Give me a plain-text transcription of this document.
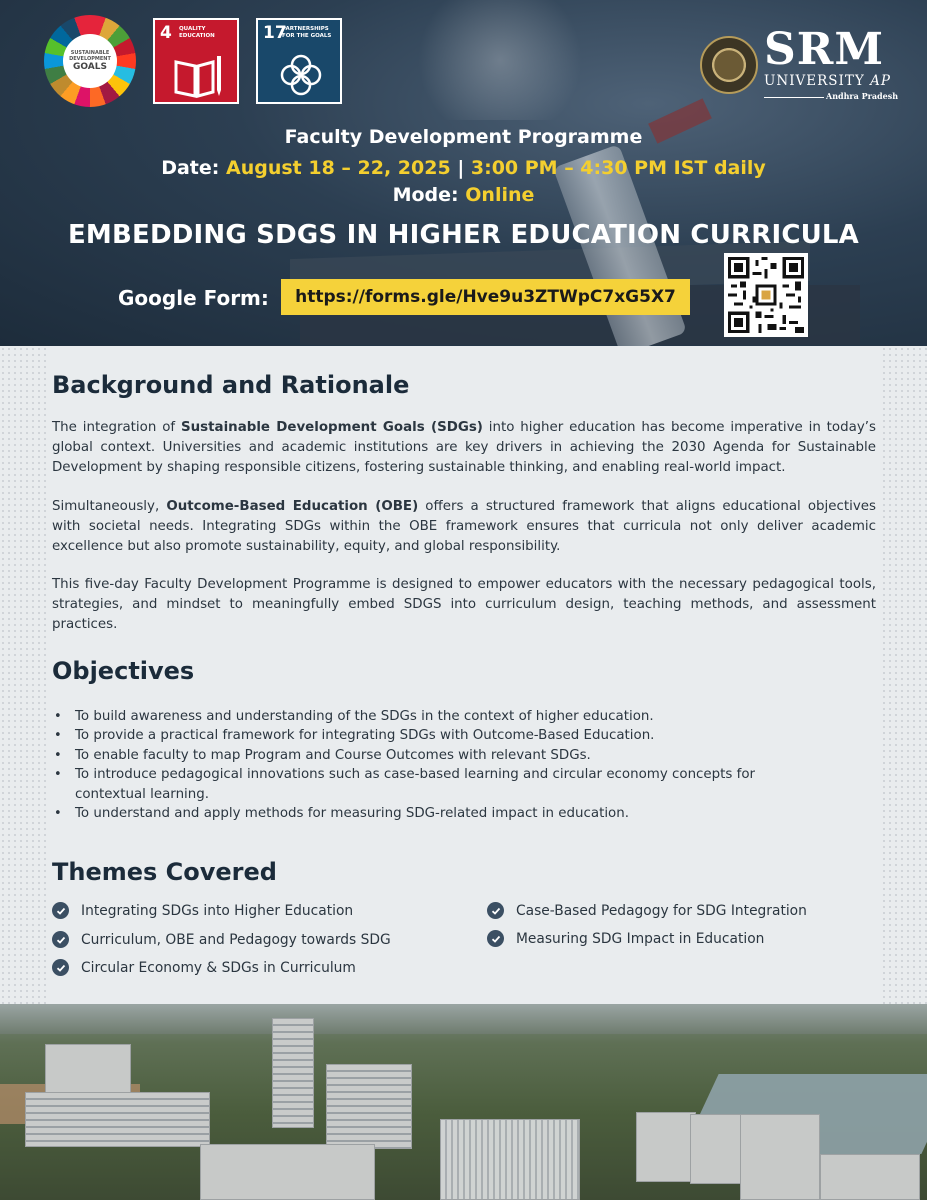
SUSTAINABLE
DEVELOPMENT
GOALS
4 QUALITY EDUCATION	17
PARTNERSHIPS FOR THE GOALS	SRM
UNIVERSITY AP
Andhra Pradesh
Faculty Development Programme
Date: August 18 – 22, 2025 | 3:00 PM – 4:30 PM IST daily
Mode: Online
EMBEDDING SDGS IN HIGHER EDUCATION CURRICULA
Google Form:	https://forms.gle/Hve9u3ZTWpC7xG5X7
Background and Rationale

The integration of Sustainable Development Goals (SDGs) into higher education has become imperative in today’s global context. Universities and academic institutions are key drivers in achieving the 2030 Agenda for Sustainable Development by shaping responsible citizens, fostering sustainable thinking, and enabling real-world impact.

Simultaneously, Outcome-Based Education (OBE) offers a structured framework that aligns educational objectives with societal needs. Integrating SDGs within the OBE framework ensures that curricula not only deliver academic excellence but also promote sustainability, equity, and global responsibility.

This five-day Faculty Development Programme is designed to empower educators with the necessary pedagogical tools, strategies, and mindset to meaningfully embed SDGS into curriculum design, teaching methods, and assessment practices.

Objectives
• To build awareness and understanding of the SDGs in the context of higher education.
• To provide a practical framework for integrating SDGs with Outcome-Based Education.
• To enable faculty to map Program and Course Outcomes with relevant SDGs.
• To introduce pedagogical innovations such as case-based learning and circular economy concepts for contextual learning.
• To understand and apply methods for measuring SDG-related impact in education.
Themes Covered
Integrating SDGs into Higher Education
Curriculum, OBE and Pedagogy towards SDG
Circular Economy & SDGs in Curriculum
Case-Based Pedagogy for SDG Integration
Measuring SDG Impact in Education
